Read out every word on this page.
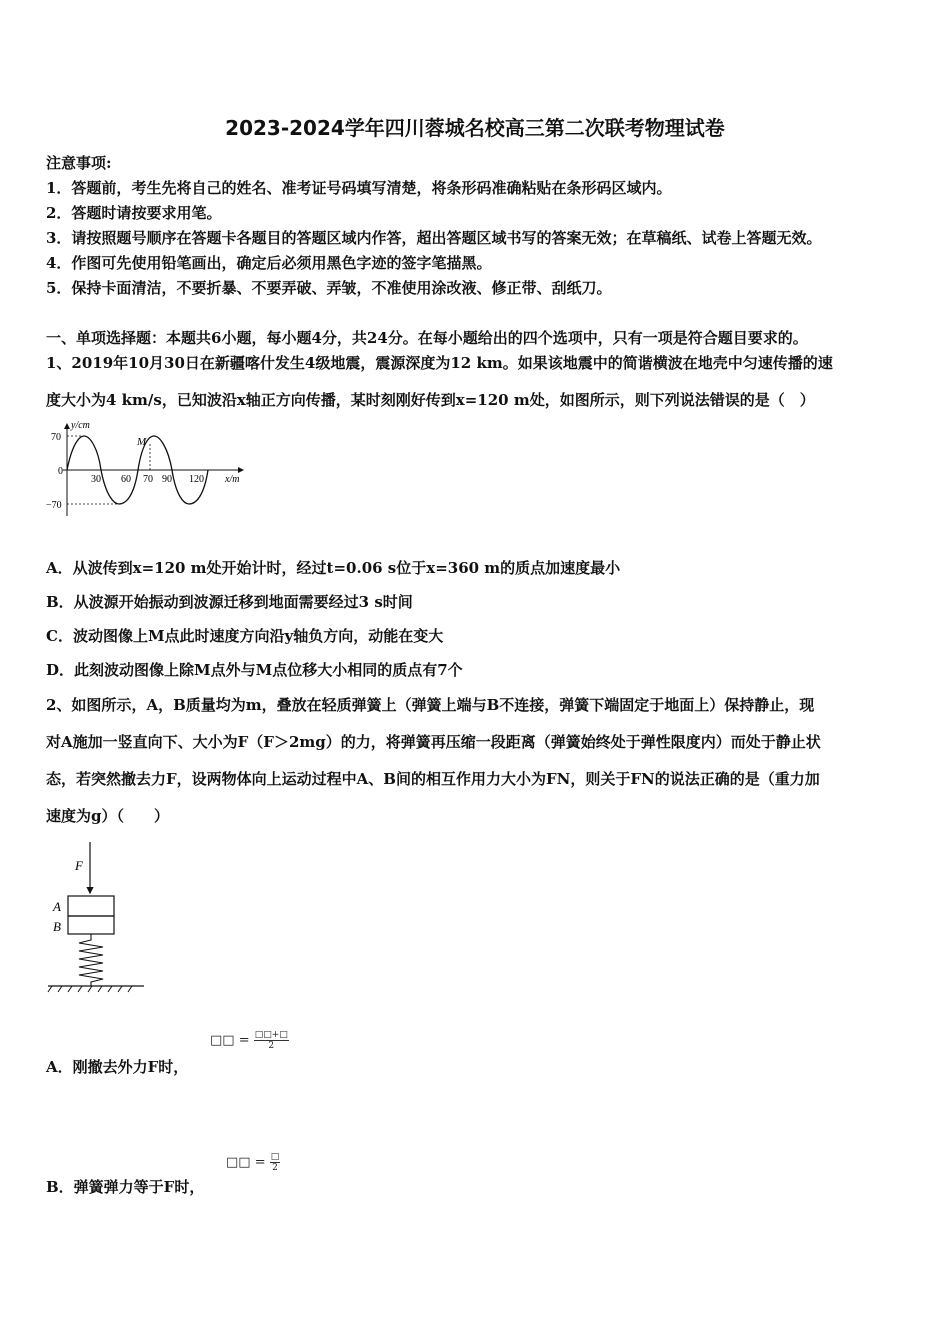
2023-2024学年四川蓉城名校高三第二次联考物理试卷
注意事项:
1．答题前，考生先将自己的姓名、准考证号码填写清楚，将条形码准确粘贴在条形码区域内。
2．答题时请按要求用笔。
3．请按照题号顺序在答题卡各题目的答题区域内作答，超出答题区域书写的答案无效；在草稿纸、试卷上答题无效。
4．作图可先使用铅笔画出，确定后必须用黑色字迹的签字笔描黑。
5．保持卡面清洁，不要折暴、不要弄破、弄皱，不准使用涂改液、修正带、刮纸刀。
一、单项选择题：本题共6小题，每小题4分，共24分。在每小题给出的四个选项中，只有一项是符合题目要求的。
1、2019年10月30日在新疆喀什发生4级地震，震源深度为12 km。如果该地震中的简谐横波在地壳中匀速传播的速
度大小为4 km/s，已知波沿x轴正方向传播，某时刻刚好传到x=120 m处，如图所示，则下列说法错误的是（　）
y/cm
x/m
70
0
−70
30 60 70 90 120
M
A．从波传到x=120 m处开始计时，经过t=0.06 s位于x=360 m的质点加速度最小
B．从波源开始振动到波源迁移到地面需要经过3 s时间
C．波动图像上M点此时速度方向沿y轴负方向，动能在变大
D．此刻波动图像上除M点外与M点位移大小相同的质点有7个
2、如图所示，A，B质量均为m，叠放在轻质弹簧上（弹簧上端与B不连接，弹簧下端固定于地面上）保持静止，现
对A施加一竖直向下、大小为F（F＞2mg）的力，将弹簧再压缩一段距离（弹簧始终处于弹性限度内）而处于静止状
态，若突然撤去力F，设两物体向上运动过程中A、B间的相互作用力大小为FN，则关于FN的说法正确的是（重力加
速度为g）（　　）
F
A
B
A．刚撤去外力F时，
□□ = $\frac{□□+□}{2}$
B．弹簧弹力等于F时，
□□ = $\frac{□}{2}$
